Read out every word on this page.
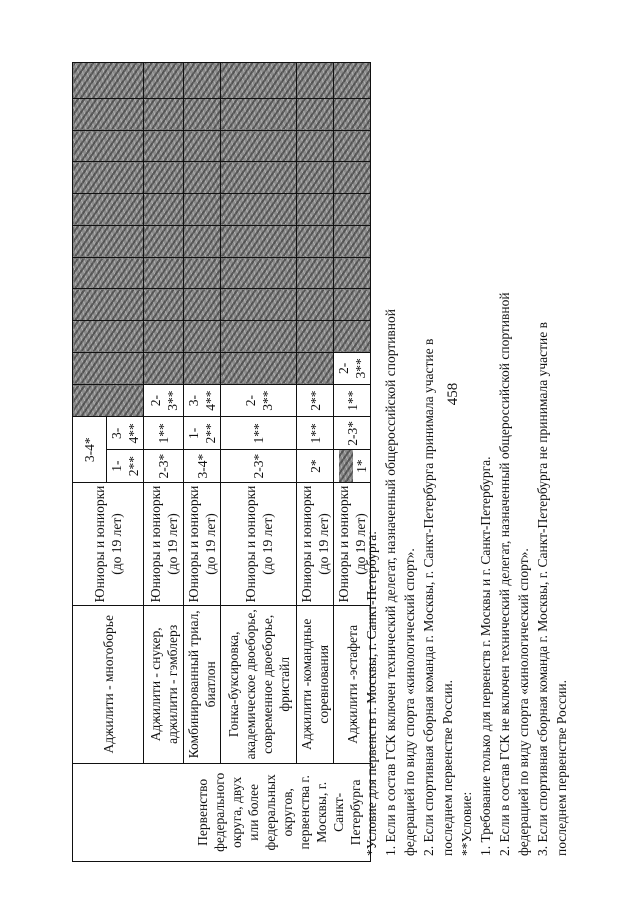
458
Первенство федерального округа, двух или более федеральных округов, первенства г. Москвы, г. Санкт-Петербурга	Аджилити - многоборье	Юниоры и юниорки (до 19 лет)	3-4*												
			1-2**	3-4**											
	Аджилити - снукер, аджилити - гэмблерз	Юниоры и юниорки (до 19 лет)	2-3*	1**	2-3**										
	Комбинированный триал, биатлон	Юниоры и юниорки (до 19 лет)	3-4*	1-2**	3-4**										
	Гонка-буксировка, академическое двоеборье, современное двоеборье, фристайл	Юниоры и юниорки (до 19 лет)	2-3*	1**	2-3**										
	Аджилити -командные соревнования	Юниоры и юниорки (до 19 лет)	2*	1**	2**										
	Аджилити -эстафета	Юниоры и юниорки (до 19 лет)	1*	2-3*	1**	2-3**									
*Условие для первенств г. Москвы, г. Санкт-Петербурга: 1. Если в состав ГСК включен технический делегат, назначенный общероссийской спортивной федерацией по виду спорта «кинологический спорт». 2. Если спортивная сборная команда г. Москвы, г. Санкт-Петербурга принимала участие в последнем первенстве России. **Условие: 1. Требование только для первенств г. Москвы и г. Санкт-Петербурга. 2. Если в состав ГСК не включен технический делегат, назначенный общероссийской спортивной федерацией по виду спорта «кинологический спорт». 3. Если спортивная сборная команда г. Москвы, г. Санкт-Петербурга не принимала участие в последнем первенстве России.
